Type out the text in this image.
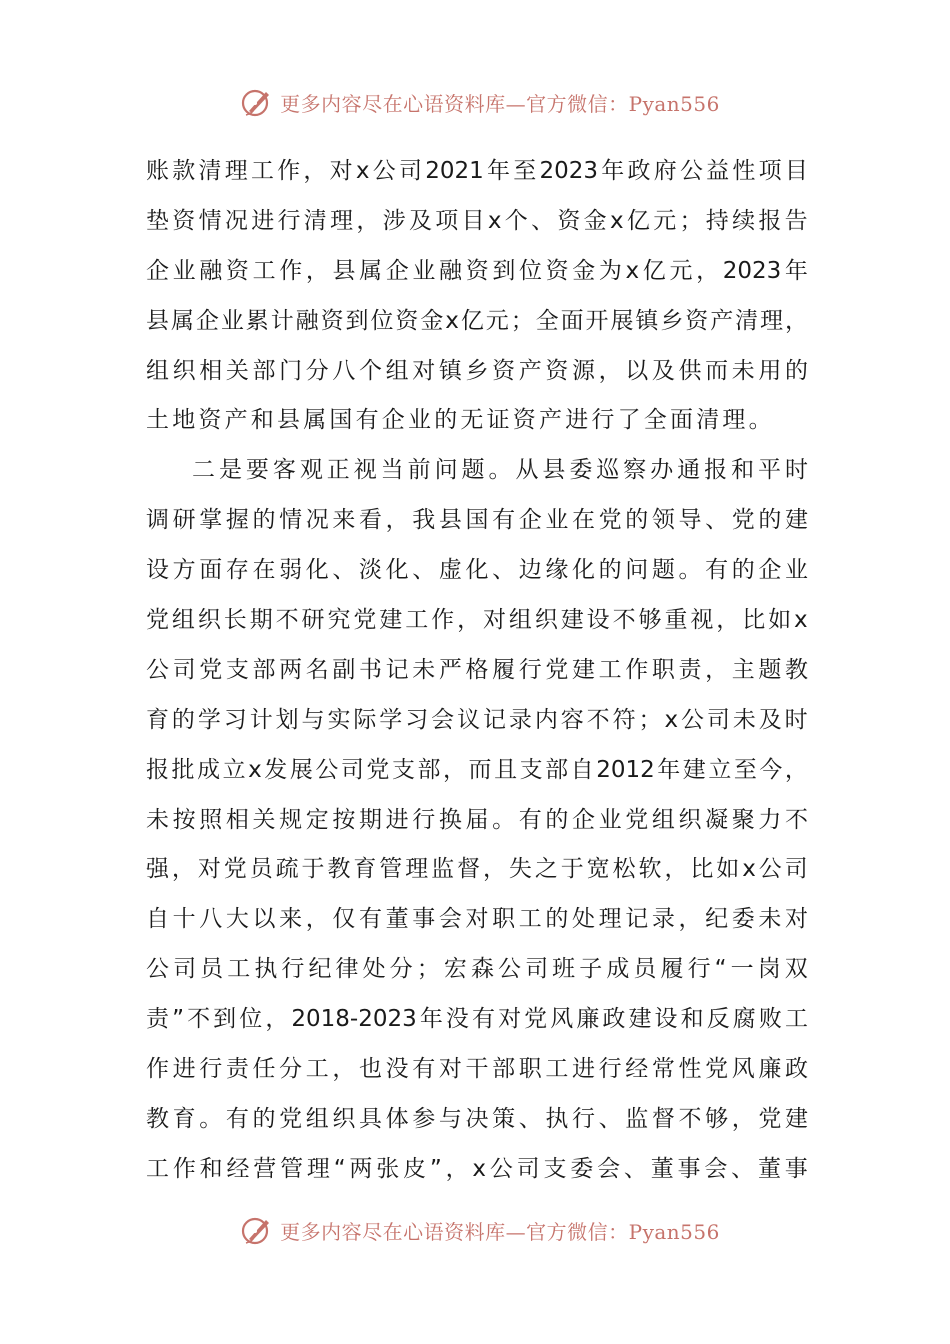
更多内容尽在心语资料库—官方微信：Pyan556
账 款 清 理 工 作 ， 对 x 公 司 2021 年 至 2023 年 政 府 公 益 性 项 目
垫 资 情 况 进 行 清 理 ， 涉 及 项 目 x 个 、 资 金 x 亿 元 ； 持 续 报 告
企 业 融 资 工 作 ， 县 属 企 业 融 资 到 位 资 金 为 x 亿 元 ， 2023 年
县 属 企 业 累 计 融 资 到 位 资 金 x 亿 元 ； 全 面 开 展 镇 乡 资 产 清 理 ，
组 织 相 关 部 门 分 八 个 组 对 镇 乡 资 产 资 源 ， 以 及 供 而 未 用 的
土地资产和县属国有企业的无证资产进行了全面清理。
二 是 要 客 观 正 视 当 前 问 题 。 从 县 委 巡 察 办 通 报 和 平 时
调 研 掌 握 的 情 况 来 看 ， 我 县 国 有 企 业 在 党 的 领 导 、 党 的 建
设 方 面 存 在 弱 化 、 淡 化 、 虚 化 、 边 缘 化 的 问 题 。 有 的 企 业
党 组 织 长 期 不 研 究 党 建 工 作 ， 对 组 织 建 设 不 够 重 视 ， 比 如 x
公 司 党 支 部 两 名 副 书 记 未 严 格 履 行 党 建 工 作 职 责 ， 主 题 教
育 的 学 习 计 划 与 实 际 学 习 会 议 记 录 内 容 不 符 ； x 公 司 未 及 时
报 批 成 立 x 发 展 公 司 党 支 部 ， 而 且 支 部 自 2012 年 建 立 至 今 ，
未 按 照 相 关 规 定 按 期 进 行 换 届 。 有 的 企 业 党 组 织 凝 聚 力 不
强 ， 对 党 员 疏 于 教 育 管 理 监 督 ， 失 之 于 宽 松 软 ， 比 如 x 公 司
自 十 八 大 以 来 ， 仅 有 董 事 会 对 职 工 的 处 理 记 录 ， 纪 委 未 对
公 司 员 工 执 行 纪 律 处 分 ； 宏 森 公 司 班 子 成 员 履 行 “ 一 岗 双
责 ” 不 到 位 ， 2018-2023 年 没 有 对 党 风 廉 政 建 设 和 反 腐 败 工
作 进 行 责 任 分 工 ， 也 没 有 对 干 部 职 工 进 行 经 常 性 党 风 廉 政
教 育 。 有 的 党 组 织 具 体 参 与 决 策 、 执 行 、 监 督 不 够 ， 党 建
工 作 和 经 营 管 理 “ 两 张 皮 ” ， x 公 司 支 委 会 、 董 事 会 、 董 事
更多内容尽在心语资料库—官方微信：Pyan556
